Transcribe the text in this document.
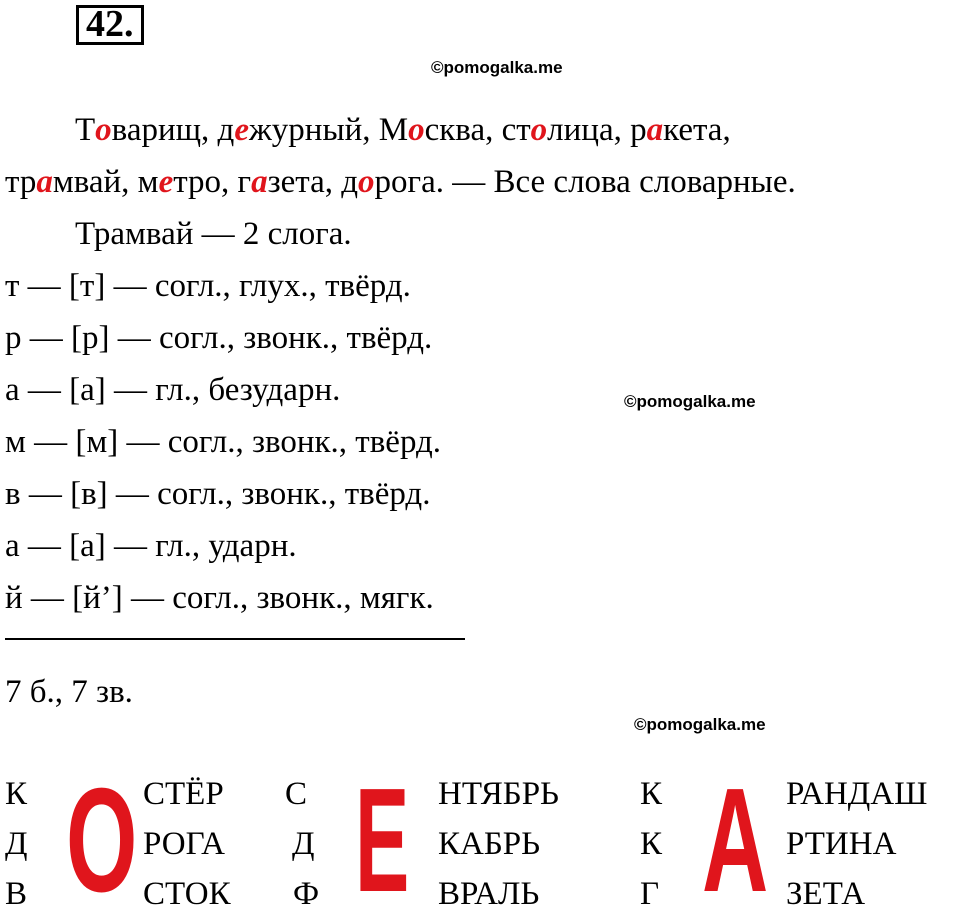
42.
©pomogalka.me
©pomogalka.me
©pomogalka.me
Товарищ, дежурный, Москва, столица, ракета,
трамвай, метро, газета, дорога. — Все слова словарные.
Трамвай — 2 слога.
т — [т] — согл., глух., твёрд.
р — [р] — согл., звонк., твёрд.
а — [а] — гл., безударн.
м — [м] — согл., звонк., твёрд.
в — [в] — согл., звонк., твёрд.
а — [а] — гл., ударн.
й — [й’] — согл., звонк., мягк.
7 б., 7 зв.
О
К
Д
В
СТЁР
РОГА
СТОК Е
С
Д
Ф
НТЯБРЬ
КАБРЬ
ВРАЛЬ А
К
К
Г
РАНДАШ
РТИНА
ЗЕТА
